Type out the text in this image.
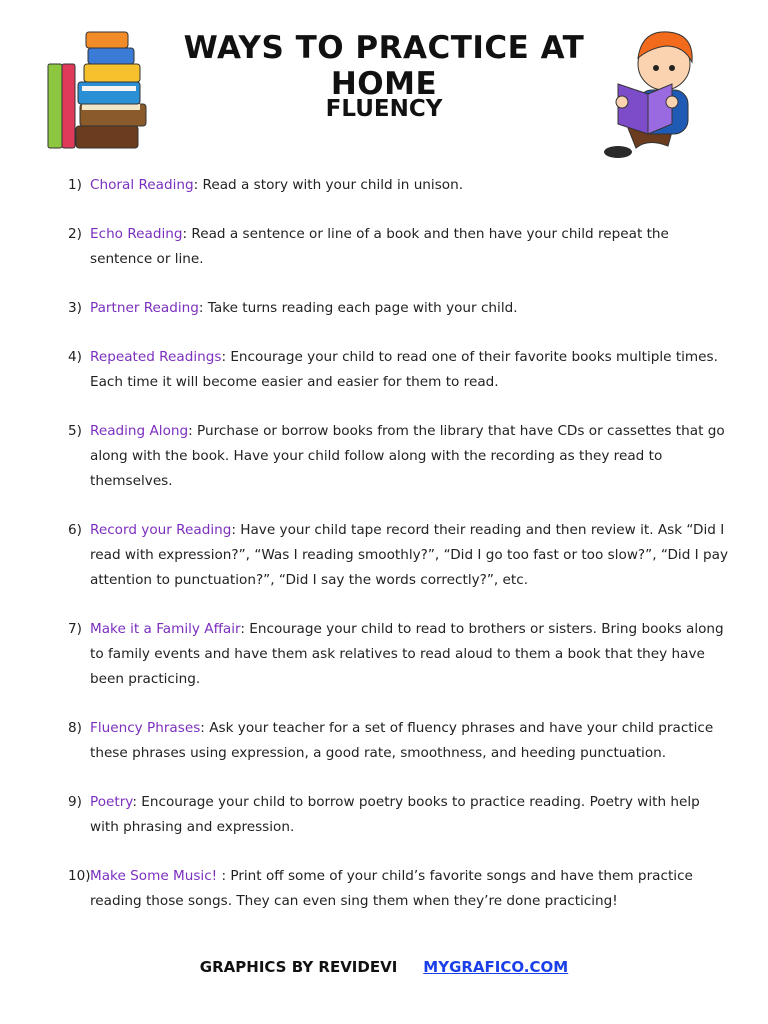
WAYS TO PRACTICE AT HOME
FLUENCY
1) Choral Reading: Read a story with your child in unison.
2) Echo Reading: Read a sentence or line of a book and then have your child repeat the sentence or line.
3) Partner Reading: Take turns reading each page with your child.
4) Repeated Readings: Encourage your child to read one of their favorite books multiple times. Each time it will become easier and easier for them to read.
5) Reading Along: Purchase or borrow books from the library that have CDs or cassettes that go along with the book. Have your child follow along with the recording as they read to themselves.
6) Record your Reading: Have your child tape record their reading and then review it. Ask “Did I read with expression?”, “Was I reading smoothly?”, “Did I go too fast or too slow?”, “Did I pay attention to punctuation?”, “Did I say the words correctly?”, etc.
7) Make it a Family Affair: Encourage your child to read to brothers or sisters. Bring books along to family events and have them ask relatives to read aloud to them a book that they have been practicing.
8) Fluency Phrases: Ask your teacher for a set of fluency phrases and have your child practice these phrases using expression, a good rate, smoothness, and heeding punctuation.
9) Poetry: Encourage your child to borrow poetry books to practice reading. Poetry with help with phrasing and expression.
10) Make Some Music! : Print off some of your child’s favorite songs and have them practice reading those songs. They can even sing them when they’re done practicing!
GRAPHICS BY REVIDEVI MYGRAFICO.COM
